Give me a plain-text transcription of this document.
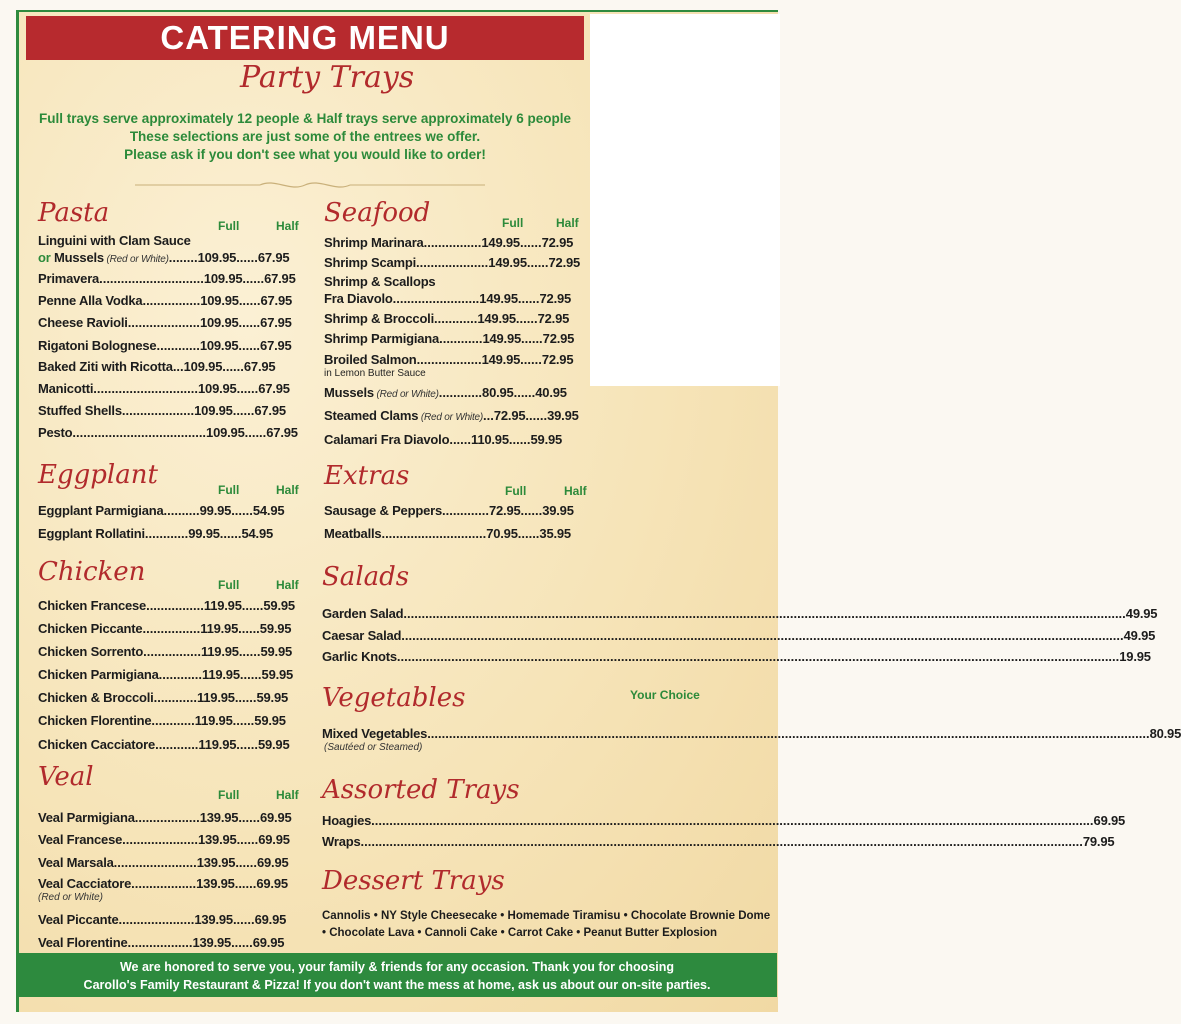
CATERING MENU
Party Trays
Full trays serve approximately 12 people & Half trays serve approximately 6 people
These selections are just some of the entrees we offer.
Please ask if you don't see what you would like to order!
Pasta	Full	Half
Linguini with Clam Sauce
or Mussels (Red or White)........109.95......67.95
Primavera.............................109.95......67.95
Penne Alla Vodka................109.95......67.95
Cheese Ravioli....................109.95......67.95
Rigatoni Bolognese............109.95......67.95
Baked Ziti with Ricotta...109.95......67.95
Manicotti.............................109.95......67.95
Stuffed Shells....................109.95......67.95
Pesto.....................................109.95......67.95
Eggplant	Full	Half
Eggplant Parmigiana..........99.95......54.95
Eggplant Rollatini............99.95......54.95
Chicken	Full	Half
Chicken Francese................119.95......59.95
Chicken Piccante................119.95......59.95
Chicken Sorrento................119.95......59.95
Chicken Parmigiana............119.95......59.95
Chicken & Broccoli............119.95......59.95
Chicken Florentine............119.95......59.95
Chicken Cacciatore............119.95......59.95
Veal
Full	Half
Veal Parmigiana..................139.95......69.95
Veal Francese.....................139.95......69.95
Veal Marsala.......................139.95......69.95
Veal Cacciatore..................139.95......69.95
(Red or White)
Veal Piccante.....................139.95......69.95
Veal Florentine..................139.95......69.95
Seafood	Full	Half
Shrimp Marinara................149.95......72.95
Shrimp Scampi....................149.95......72.95
Shrimp & Scallops
Fra Diavolo........................149.95......72.95
Shrimp & Broccoli............149.95......72.95
Shrimp Parmigiana............149.95......72.95
Broiled Salmon..................149.95......72.95
in Lemon Butter Sauce
Mussels (Red or White)............80.95......40.95
Steamed Clams (Red or White)...72.95......39.95
Calamari Fra Diavolo......110.95......59.95
Extras	Full	Half
Sausage & Peppers.............72.95......39.95
Meatballs.............................70.95......35.95
Salads
Garden Salad ........................................................................................................................................................................................................ 49.95
Caesar Salad ........................................................................................................................................................................................................ 49.95
Garlic Knots ........................................................................................................................................................................................................ 19.95
Vegetables
Mixed Vegetables ........................................................................................................................................................................................................ 80.95
(Sautéed or Steamed)
Assorted Trays
Hoagies ........................................................................................................................................................................................................ 69.95
Wraps ........................................................................................................................................................................................................ 79.95
Dessert Trays
Your Choice
Cannolis • NY Style Cheesecake • Homemade Tiramisu • Chocolate Brownie Dome
• Chocolate Lava • Cannoli Cake • Carrot Cake • Peanut Butter Explosion
We are honored to serve you, your family & friends for any occasion. Thank you for choosing
Carollo's Family Restaurant & Pizza! If you don't want the mess at home, ask us about our on-site parties.
